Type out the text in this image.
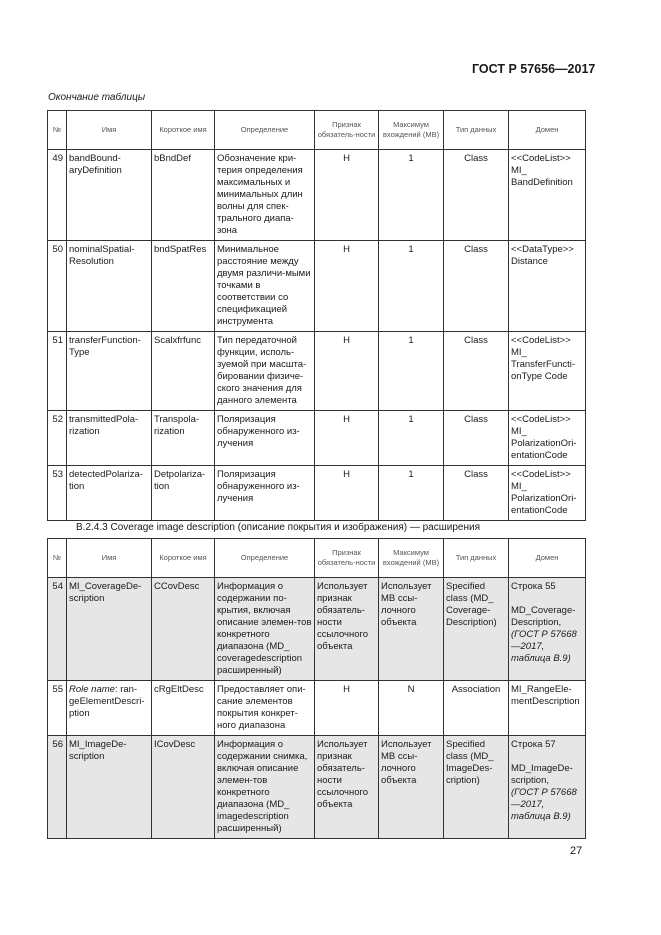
ГОСТ Р 57656—2017
Окончание таблицы
№	Имя	Короткое имя	Определение	Признак обязатель-ности	Максимум вхождений (МВ)	Тип данных	Домен
49	bandBound-aryDefinition	bBndDef	Обозначение кри-терия определения максимальных и минимальных длин волны для спек-трального диапа-зона	Н	1	Class	<<CodeList>> MI_ BandDefinition
50	nominalSpatial-Resolution	bndSpatRes	Минимальное расстояние между двумя различи-мыми точками в соответствии со спецификацией инструмента	Н	1	Class	<<DataType>> Distance
51	transferFunction-Type	Scalxfrfunc	Тип передаточной функции, исполь-зуемой при масшта-бировании физиче-ского значения для данного элемента	Н	1	Class	<<CodeList>> MI_ TransferFuncti-onType Code
52	transmittedPola-rization	Transpola-rization	Поляризация обнаруженного из-лучения	Н	1	Class	<<CodeList>> MI_ PolarizationOri-entationCode
53	detectedPolariza-tion	Detpolariza-tion	Поляризация обнаруженного из-лучения	Н	1	Class	<<CodeList>> MI_ PolarizationOri-entationCode
В.2.4.3 Coverage image description (описание покрытия и изображения) — расширения
№	Имя	Короткое имя	Определение	Признак обязатель-ности	Максимум вхождений (МВ)	Тип данных	Домен
54	MI_CoverageDe-scription	CCovDesc	Информация о содержании по-крытия, включая описание элемен-тов конкретного диапазона (MD_ coveragedescription расширенный)	Использует признак обязатель-ности ссылочного объекта	Использует МВ ссы-лочного объекта	Specified class (MD_ Coverage-Description)	Строка 55
MD_Coverage-Description,
(ГОСТ Р 57668—2017, таблица В.9)

55	Role name: ran-geElementDescri-ption	cRgEltDesc	Предоставляет опи-сание элементов покрытия конкрет-ного диапазона	Н	N	Association	MI_RangeEle-mentDescription
56	MI_ImageDe-scription	ICovDesc	Информация о содержании снимка, включая описание элемен-тов конкретного диапазона (MD_ imagedescription расширенный)	Использует признак обязатель-ности ссылочного объекта	Использует МВ ссы-лочного объекта	Specified class (MD_ ImageDes-cription)	Строка 57
MD_ImageDe-scription,
(ГОСТ Р 57668—2017, таблица В.9)
27
